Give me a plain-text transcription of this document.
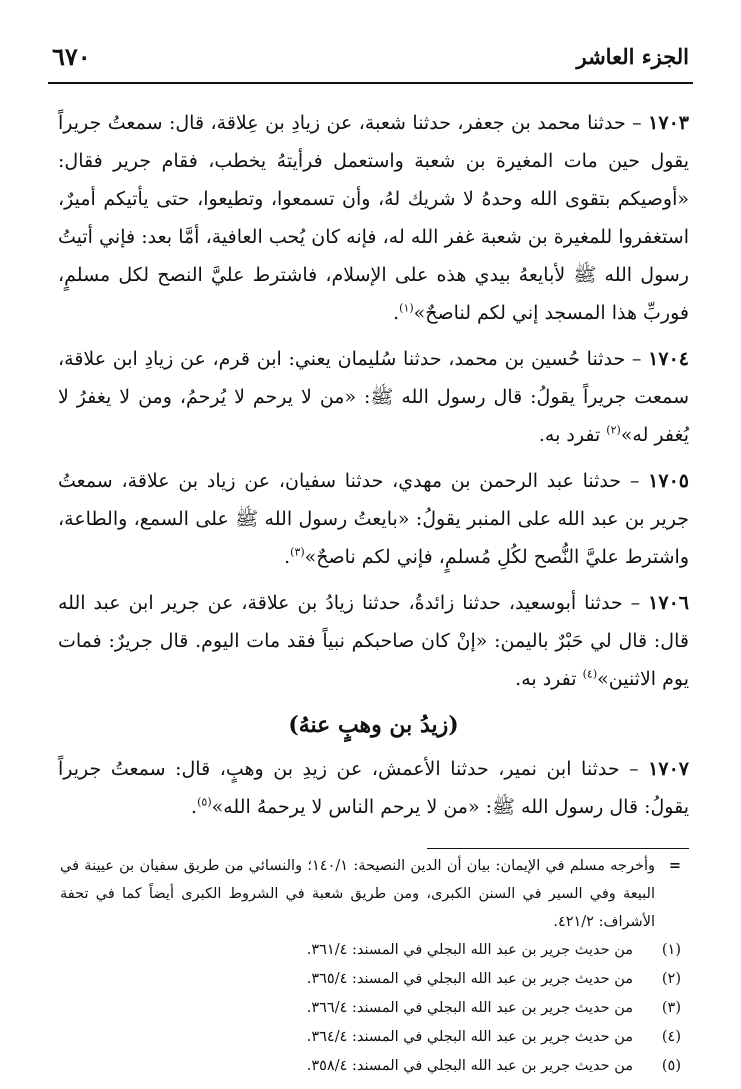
الجزء العاشر
٦٧٠

١٧٠٣ – حدثنا محمد بن جعفر، حدثنا شعبة، عن زيادِ بن عِلاقة، قال: سمعتُ جريراً يقول حين مات المغيرة بن شعبة واستعمل فرأيتهُ يخطب، فقام جرير فقال: «أوصيكم بتقوى الله وحدهُ لا شريك لهُ، وأن تسمعوا، وتطيعوا، حتى يأتيكم أميرٌ، استغفروا للمغيرة بن شعبة غفر الله له، فإنه كان يُحب العافية، أمَّا بعد: فإني أتيتُ رسول الله ﷺ لأبايعهُ بيدي هذه على الإسلام، فاشترط عليَّ النصح لكل مسلمٍ، فوربِّ هذا المسجد إني لكم لناصحٌ»$^{(١)}$.

١٧٠٤ – حدثنا حُسين بن محمد، حدثنا سُليمان يعني: ابن قرم، عن زيادِ ابن علاقة، سمعت جريراً يقولُ: قال رسول الله ﷺ: «من لا يرحم لا يُرحمُ، ومن لا يغفرُ لا يُغفر له»$^{(٢)}$ تفرد به.

١٧٠٥ – حدثنا عبد الرحمن بن مهدي، حدثنا سفيان، عن زياد بن علاقة، سمعتُ جرير بن عبد الله على المنبر يقولُ: «بايعتُ رسول الله ﷺ على السمع، والطاعة، واشترط عليَّ النُّصح لكُلِ مُسلمٍ، فإني لكم ناصحٌ»$^{(٣)}$.

١٧٠٦ – حدثنا أبوسعيد، حدثنا زائدةُ، حدثنا زيادُ بن علاقة، عن جرير ابن عبد الله قال: قال لي حَبْرٌ باليمن: «إنْ كان صاحبكم نبياً فقد مات اليوم. قال جريرٌ: فمات يوم الاثنين»$^{(٤)}$ تفرد به.

(زيدُ بن وهبٍ عنهُ)

١٧٠٧ – حدثنا ابن نمير، حدثنا الأعمش، عن زيدِ بن وهبٍ، قال: سمعتُ جريراً يقولُ: قال رسول الله ﷺ: «من لا يرحم الناس لا يرحمهُ الله»$^{(٥)}$.

=
وأخرجه مسلم في الإيمان: بيان أن الدين النصيحة: ١٤٠/١؛ والنسائي من طريق سفيان بن عيينة في البيعة وفي السير في السنن الكبرى، ومن طريق شعبة في الشروط الكبرى أيضاً كما في تحفة الأشراف: ٤٢١/٢.
(١)
من حديث جرير بن عبد الله البجلي في المسند: ٣٦١/٤.
(٢)
من حديث جرير بن عبد الله البجلي في المسند: ٣٦٥/٤.
(٣)
من حديث جرير بن عبد الله البجلي في المسند: ٣٦٦/٤.
(٤)
من حديث جرير بن عبد الله البجلي في المسند: ٣٦٤/٤.
(٥)
من حديث جرير بن عبد الله البجلي في المسند: ٣٥٨/٤.
